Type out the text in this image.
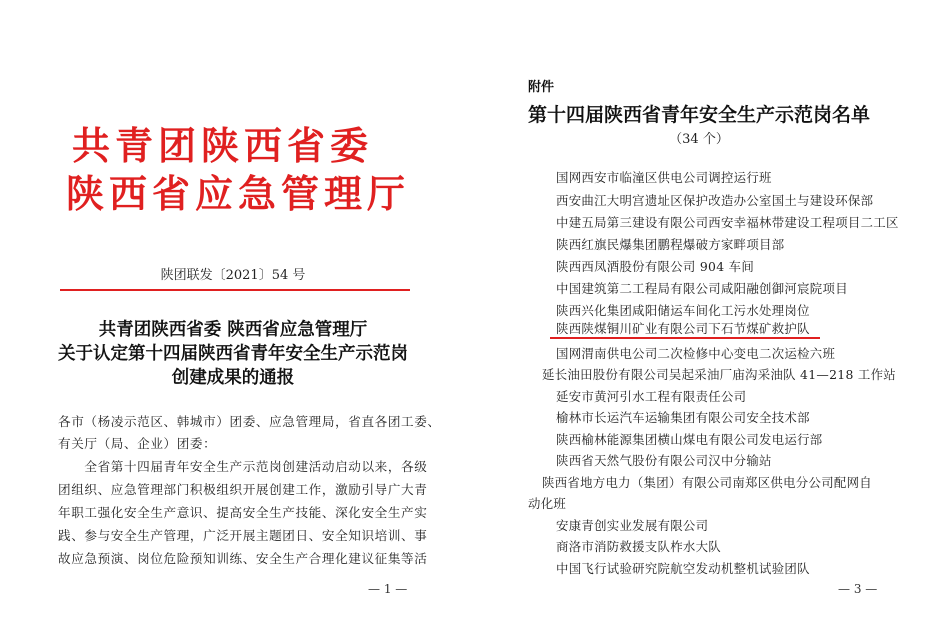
共青团陕西省委
陕西省应急管理厅
陕团联发〔2021〕54 号
共青团陕西省委 陕西省应急管理厅
关于认定第十四届陕西省青年安全生产示范岗
创建成果的通报
各市（杨凌示范区、韩城市）团委、应急管理局，省直各团工委、
有关厅（局、企业）团委：
　　全省第十四届青年安全生产示范岗创建活动启动以来，各级
团组织、应急管理部门积极组织开展创建工作，激励引导广大青
年职工强化安全生产意识、提高安全生产技能、深化安全生产实
践、参与安全生产管理，广泛开展主题团日、安全知识培训、事
故应急预演、岗位危险预知训练、安全生产合理化建议征集等活
— 1 —
附件
第十四届陕西省青年安全生产示范岗名单
（34 个）
国网西安市临潼区供电公司调控运行班
西安曲江大明宫遗址区保护改造办公室国土与建设环保部
中建五局第三建设有限公司西安幸福林带建设工程项目二工区
陕西红旗民爆集团鹏程爆破方家畔项目部
陕西西凤酒股份有限公司 904 车间
中国建筑第二工程局有限公司咸阳融创御河宸院项目
陕西兴化集团咸阳储运车间化工污水处理岗位
陕西陕煤铜川矿业有限公司下石节煤矿救护队
国网渭南供电公司二次检修中心变电二次运检六班
延长油田股份有限公司吴起采油厂庙沟采油队 41—218 工作站
延安市黄河引水工程有限责任公司
榆林市长运汽车运输集团有限公司安全技术部
陕西榆林能源集团横山煤电有限公司发电运行部
陕西省天然气股份有限公司汉中分输站
陕西省地方电力（集团）有限公司南郑区供电分公司配网自
动化班
安康青创实业发展有限公司
商洛市消防救援支队柞水大队
中国飞行试验研究院航空发动机整机试验团队
— 3 —
